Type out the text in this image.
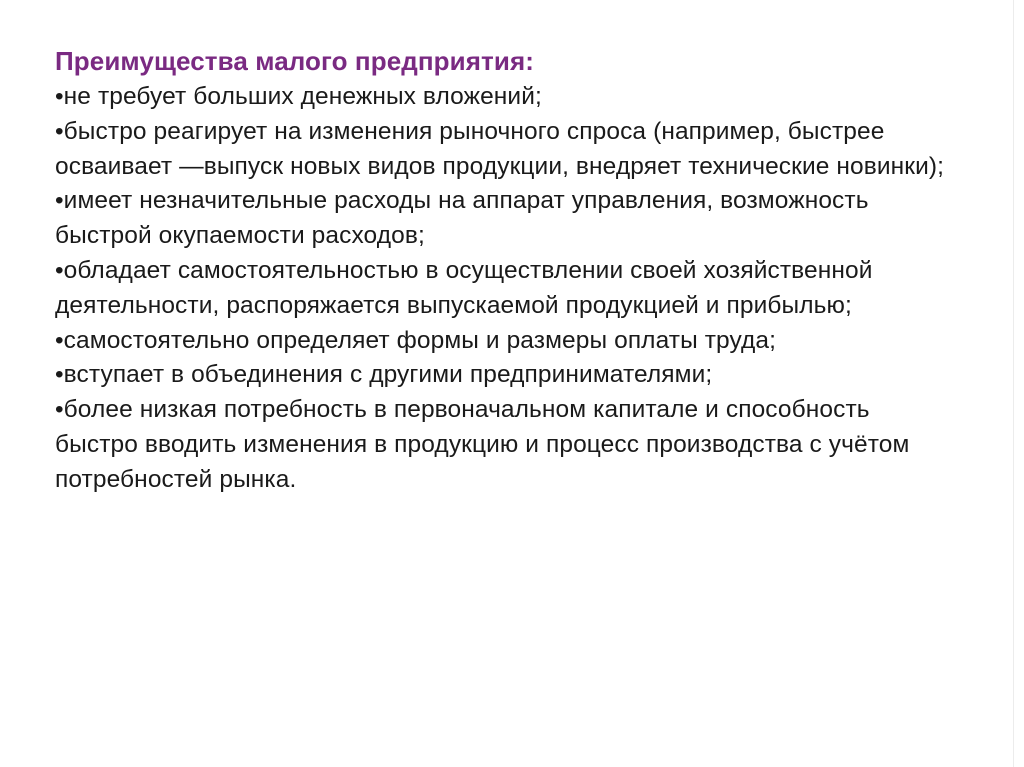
Преимущества малого предприятия:
•не требует больших денежных вложений;
•быстро реагирует на изменения рыночного спроса (например, быстрее осваивает —выпуск новых видов продукции, внедряет технические новинки);
•имеет незначительные расходы на аппарат управления, возможность быстрой окупаемости расходов;
•обладает самостоятельностью в осуществлении своей хозяйственной деятельности, распоряжается выпускаемой продукцией и прибылью;
•самостоятельно определяет формы и размеры оплаты труда;
•вступает в объединения с другими предпринимателями;
•более низкая потребность в первоначальном капитале и способность быстро вводить изменения в продукцию и процесс производства с учётом потребностей рынка.
